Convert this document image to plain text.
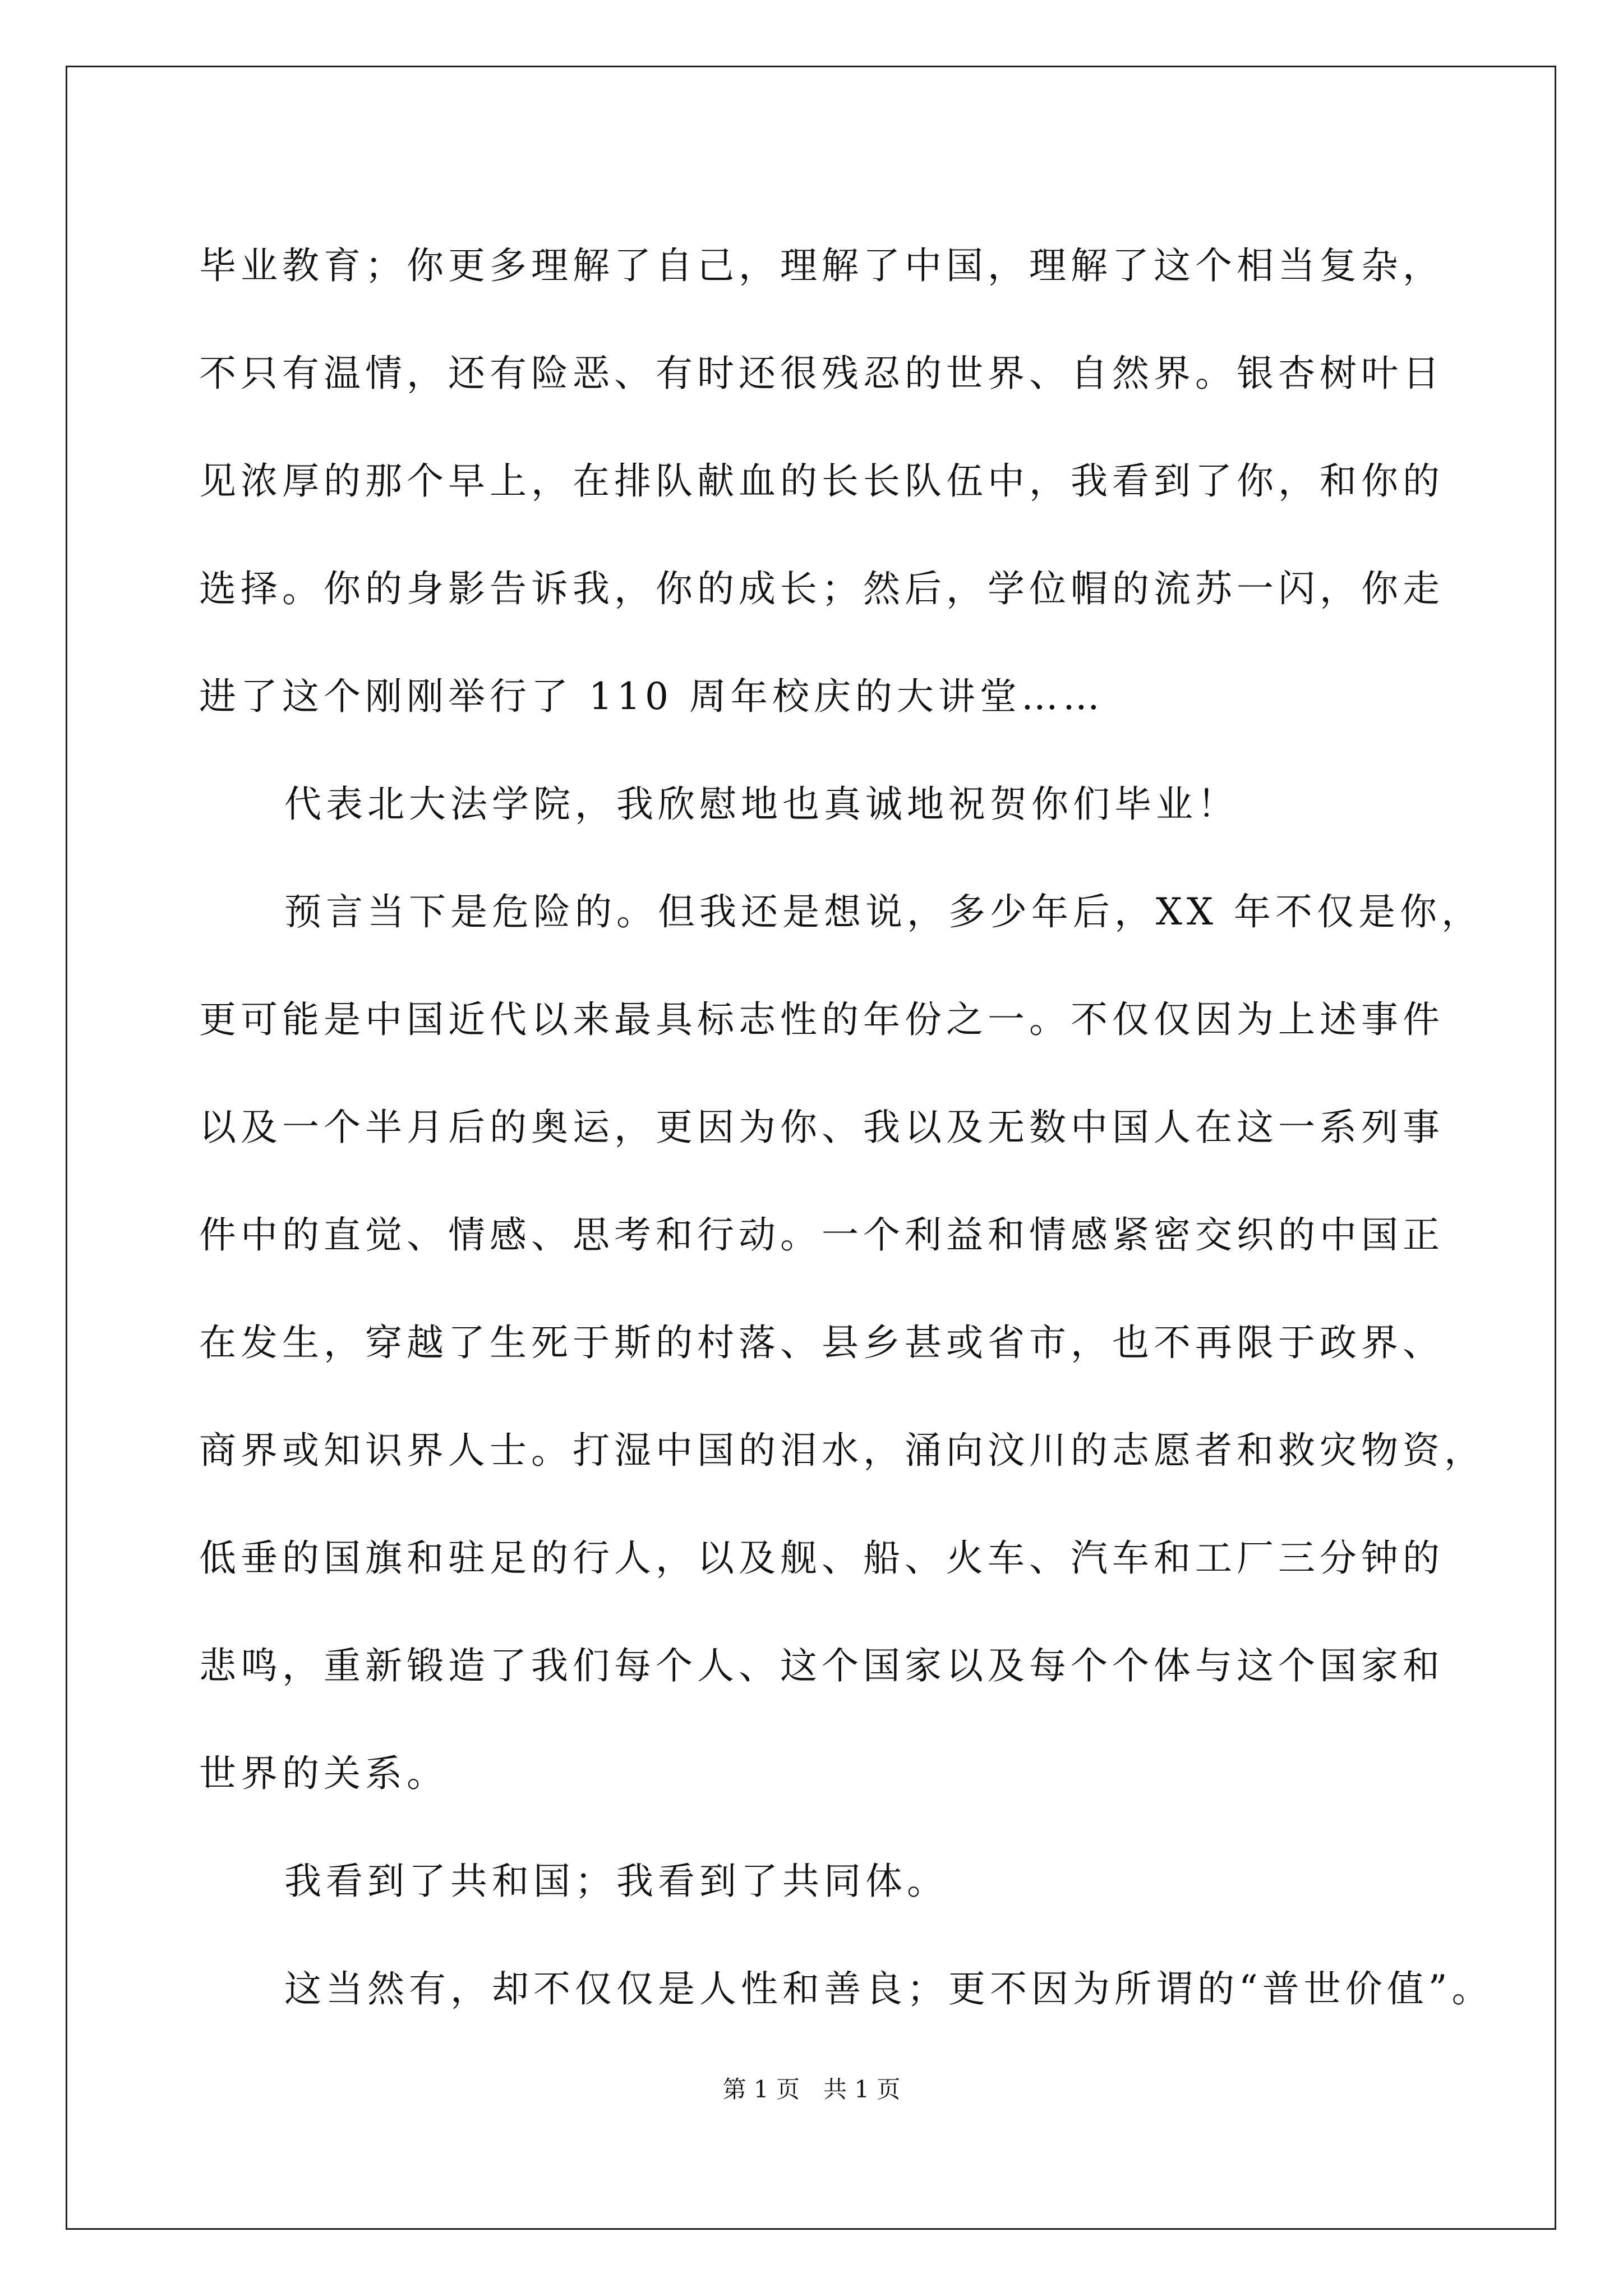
毕业教育；你更多理解了自己，理解了中国，理解了这个相当复杂，
不只有温情，还有险恶、有时还很残忍的世界、自然界。银杏树叶日
见浓厚的那个早上，在排队献血的长长队伍中，我看到了你，和你的
选择。你的身影告诉我，你的成长；然后，学位帽的流苏一闪，你走
进了这个刚刚举行了 110 周年校庆的大讲堂……
代表北大法学院，我欣慰地也真诚地祝贺你们毕业！
预言当下是危险的。但我还是想说，多少年后，XX 年不仅是你，
更可能是中国近代以来最具标志性的年份之一。不仅仅因为上述事件
以及一个半月后的奥运，更因为你、我以及无数中国人在这一系列事
件中的直觉、情感、思考和行动。一个利益和情感紧密交织的中国正
在发生，穿越了生死于斯的村落、县乡甚或省市，也不再限于政界、
商界或知识界人士。打湿中国的泪水，涌向汶川的志愿者和救灾物资，
低垂的国旗和驻足的行人，以及舰、船、火车、汽车和工厂三分钟的
悲鸣，重新锻造了我们每个人、这个国家以及每个个体与这个国家和
世界的关系。
我看到了共和国；我看到了共同体。
这当然有，却不仅仅是人性和善良；更不因为所谓的“普世价值”。
第 1 页　共 1 页
